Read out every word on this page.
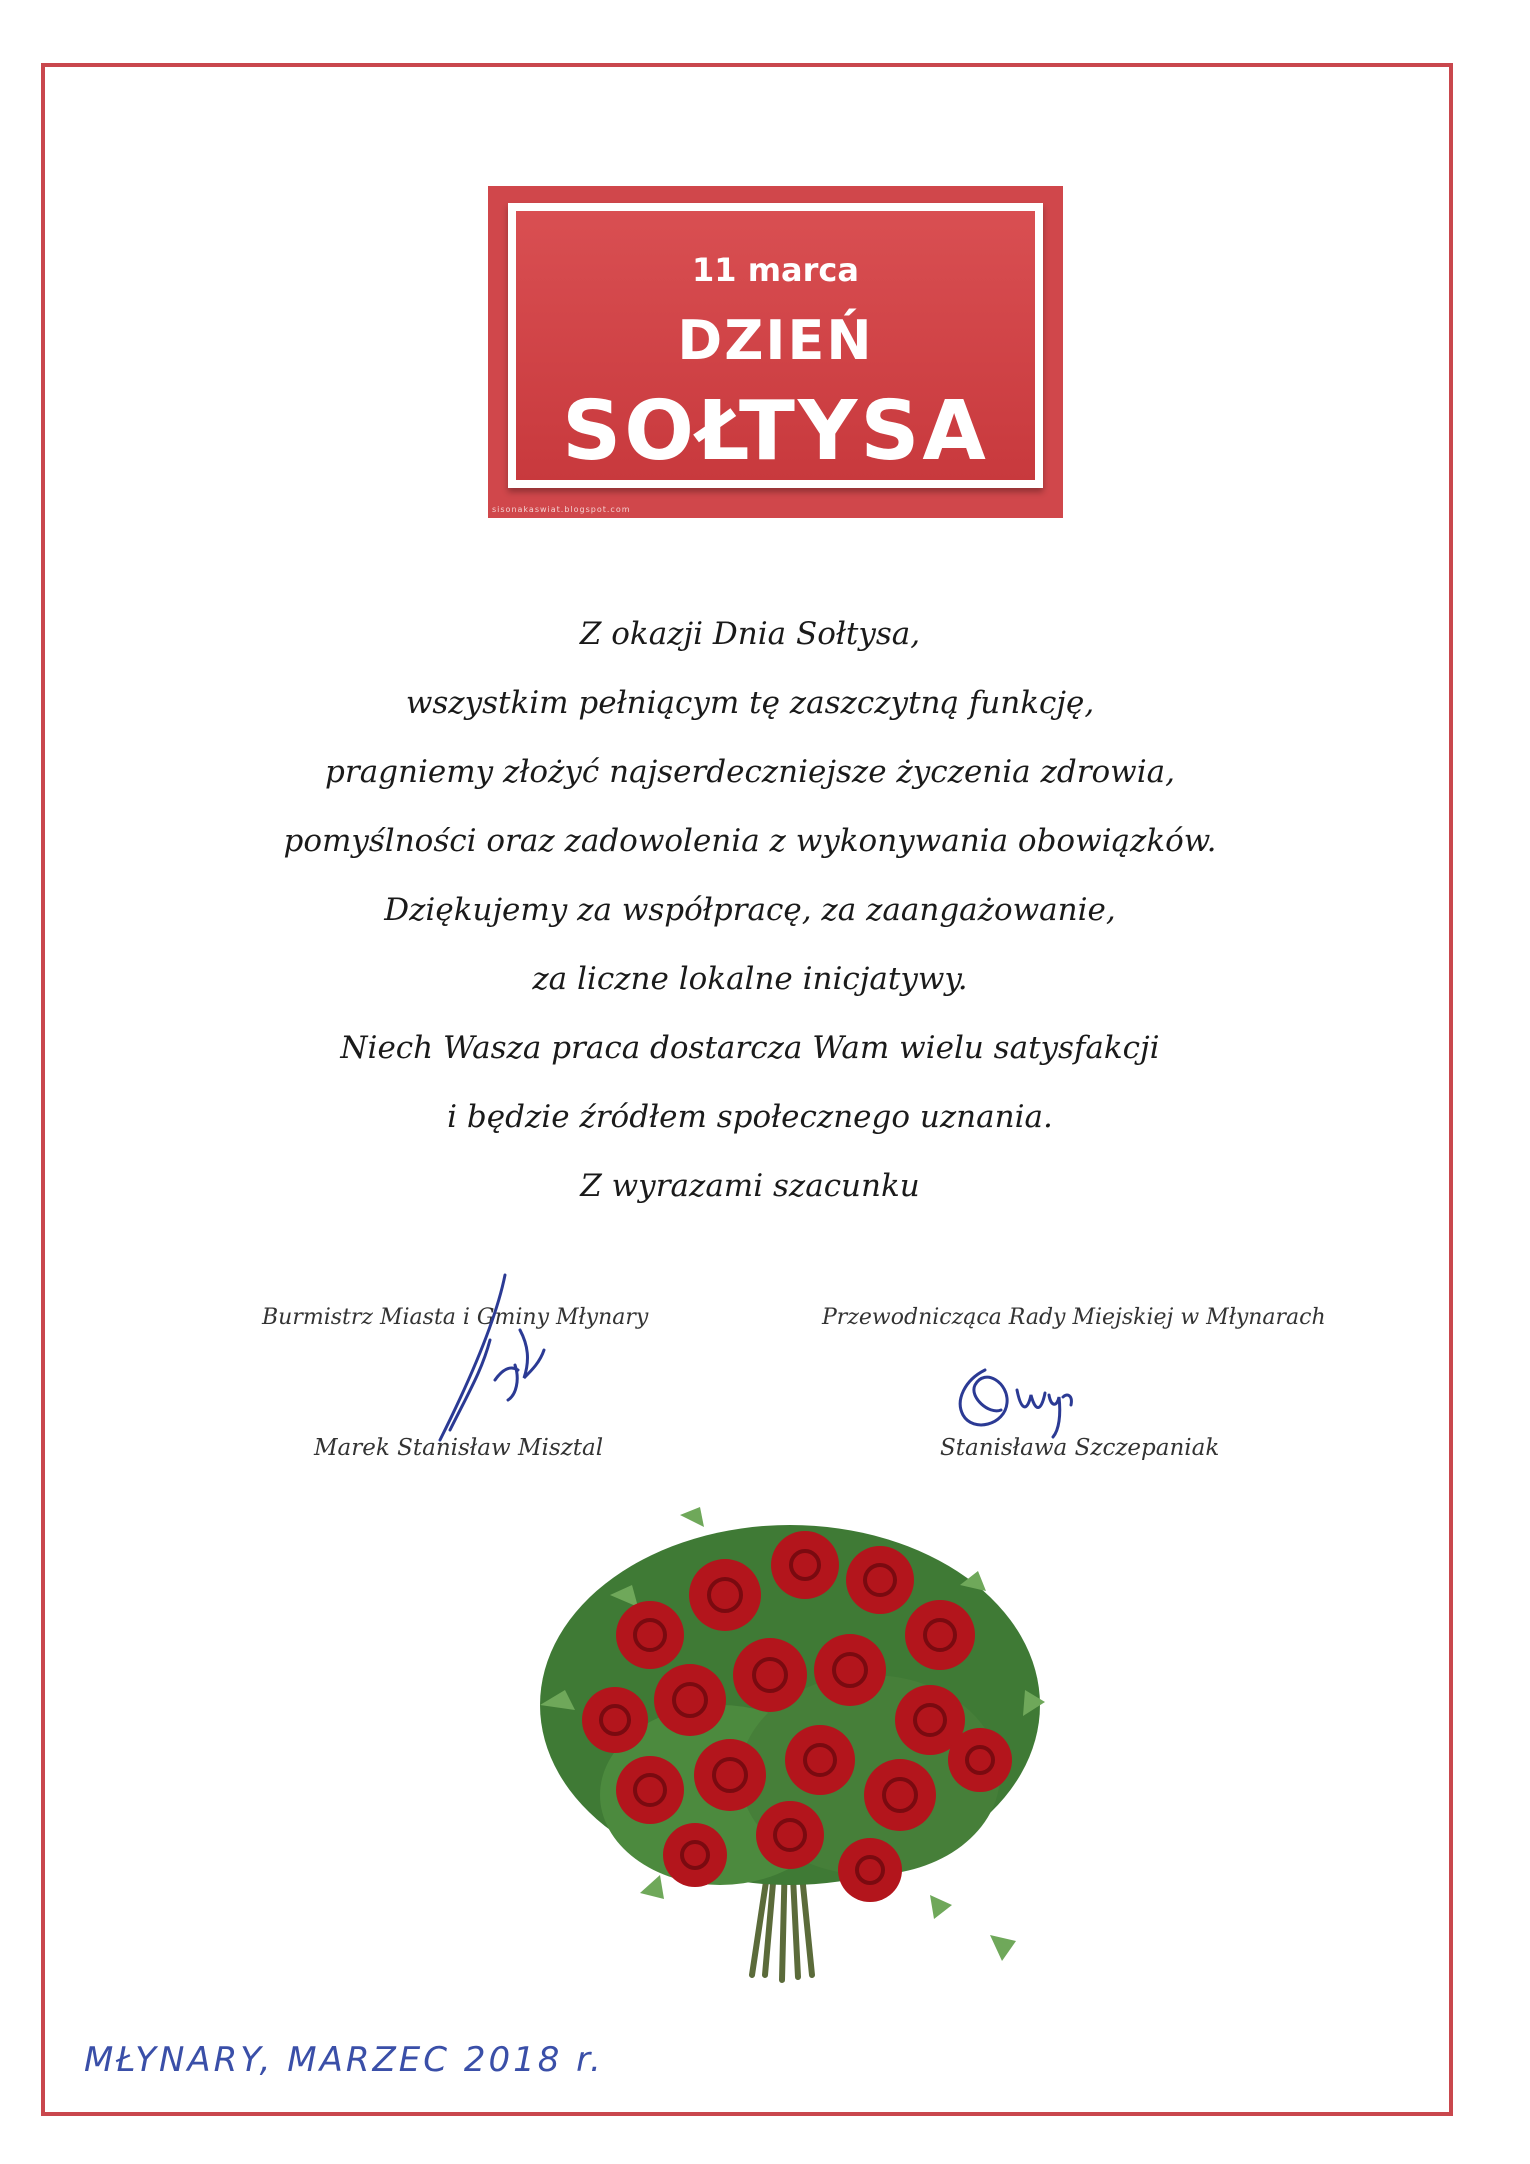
11 marca
DZIEŃ
SOŁTYSA
sisonakaswiat.blogspot.com
Z okazji Dnia Sołtysa,
wszystkim pełniącym tę zaszczytną funkcję,
pragniemy złożyć najserdeczniejsze życzenia zdrowia,
pomyślności oraz zadowolenia z wykonywania obowiązków.
Dziękujemy za współpracę, za zaangażowanie,
za liczne lokalne inicjatywy.
Niech Wasza praca dostarcza Wam wielu satysfakcji
i będzie źródłem społecznego uznania.
Z wyrazami szacunku
Burmistrz Miasta i Gminy Młynary
Marek Stanisław Misztal
Przewodnicząca Rady Miejskiej w Młynarach
Stanisława Szczepaniak
MŁYNARY, MARZEC 2018 r.
